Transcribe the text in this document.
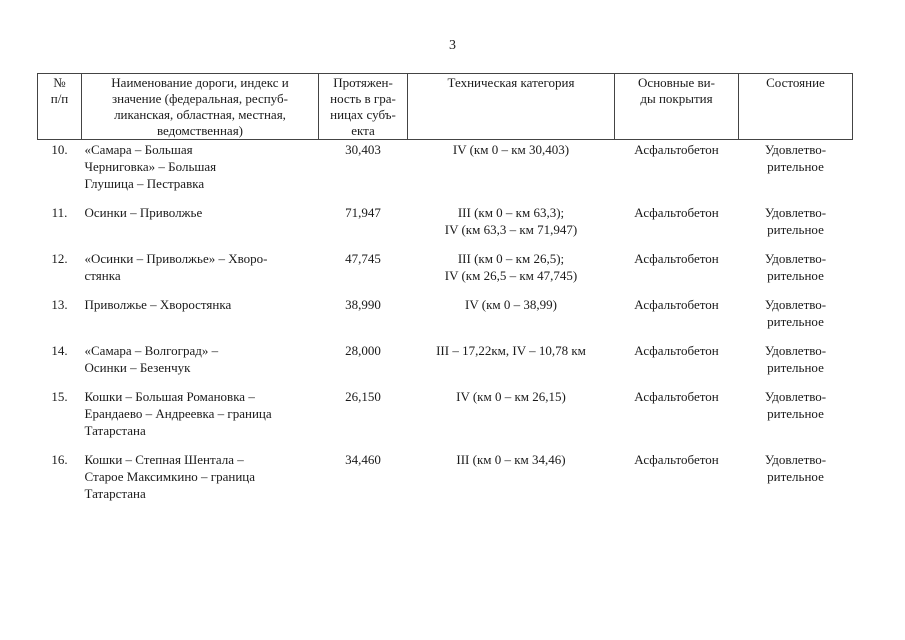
3
№
п/п	Наименование дороги, индекс и
значение (федеральная, респуб-
ликанская, областная, местная,
ведомственная)	Протяжен-
ность в гра-
ницах субъ-
екта	Техническая категория	Основные ви-
ды покрытия	Состояние
10.	«Самара – Большая
Черниговка» – Большая
Глушица – Пестравка	30,403	IV (км 0 – км 30,403)	Асфальтобетон	Удовлетво-
рительное
11.	Осинки – Приволжье	71,947	III (км 0 – км 63,3);
IV (км 63,3 – км 71,947)	Асфальтобетон	Удовлетво-
рительное
12.	«Осинки – Приволжье» – Хворо-
стянка	47,745	III (км 0 – км 26,5);
IV (км 26,5 – км 47,745)	Асфальтобетон	Удовлетво-
рительное
13.	Приволжье – Хворостянка	38,990	IV (км 0 – 38,99)	Асфальтобетон	Удовлетво-
рительное
14.	«Самара – Волгоград» –
Осинки – Безенчук	28,000	III – 17,22км, IV – 10,78 км	Асфальтобетон	Удовлетво-
рительное
15.	Кошки – Большая Романовка –
Ерандаево – Андреевка – граница
Татарстана	26,150	IV (км 0 – км 26,15)	Асфальтобетон	Удовлетво-
рительное
16.	Кошки – Степная Шентала –
Старое Максимкино – граница
Татарстана	34,460	III (км 0 – км 34,46)	Асфальтобетон	Удовлетво-
рительное
